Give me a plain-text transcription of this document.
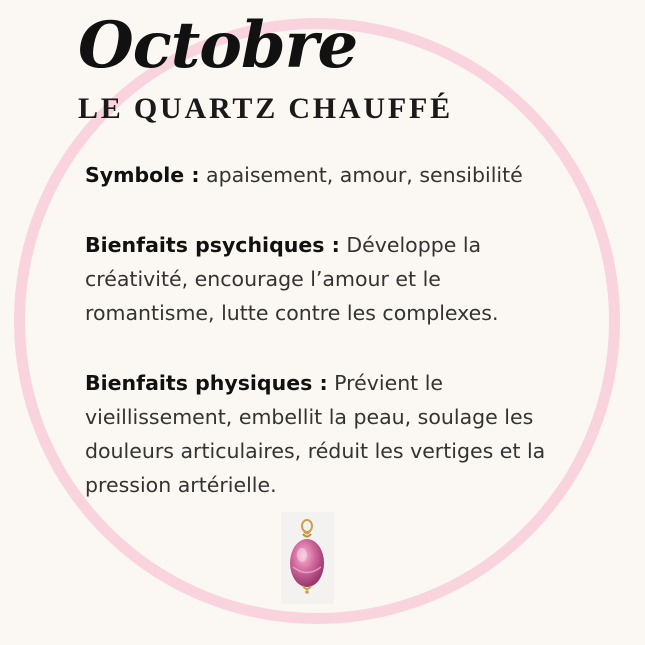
Octobre
LE QUARTZ CHAUFFÉ

Symbole : apaisement, amour, sensibilité

Bienfaits psychiques : Développe la créativité, encourage l’amour et le romantisme, lutte contre les complexes.

Bienfaits physiques : Prévient le vieillissement, embellit la peau, soulage les douleurs articulaires, réduit les vertiges et la pression artérielle.
